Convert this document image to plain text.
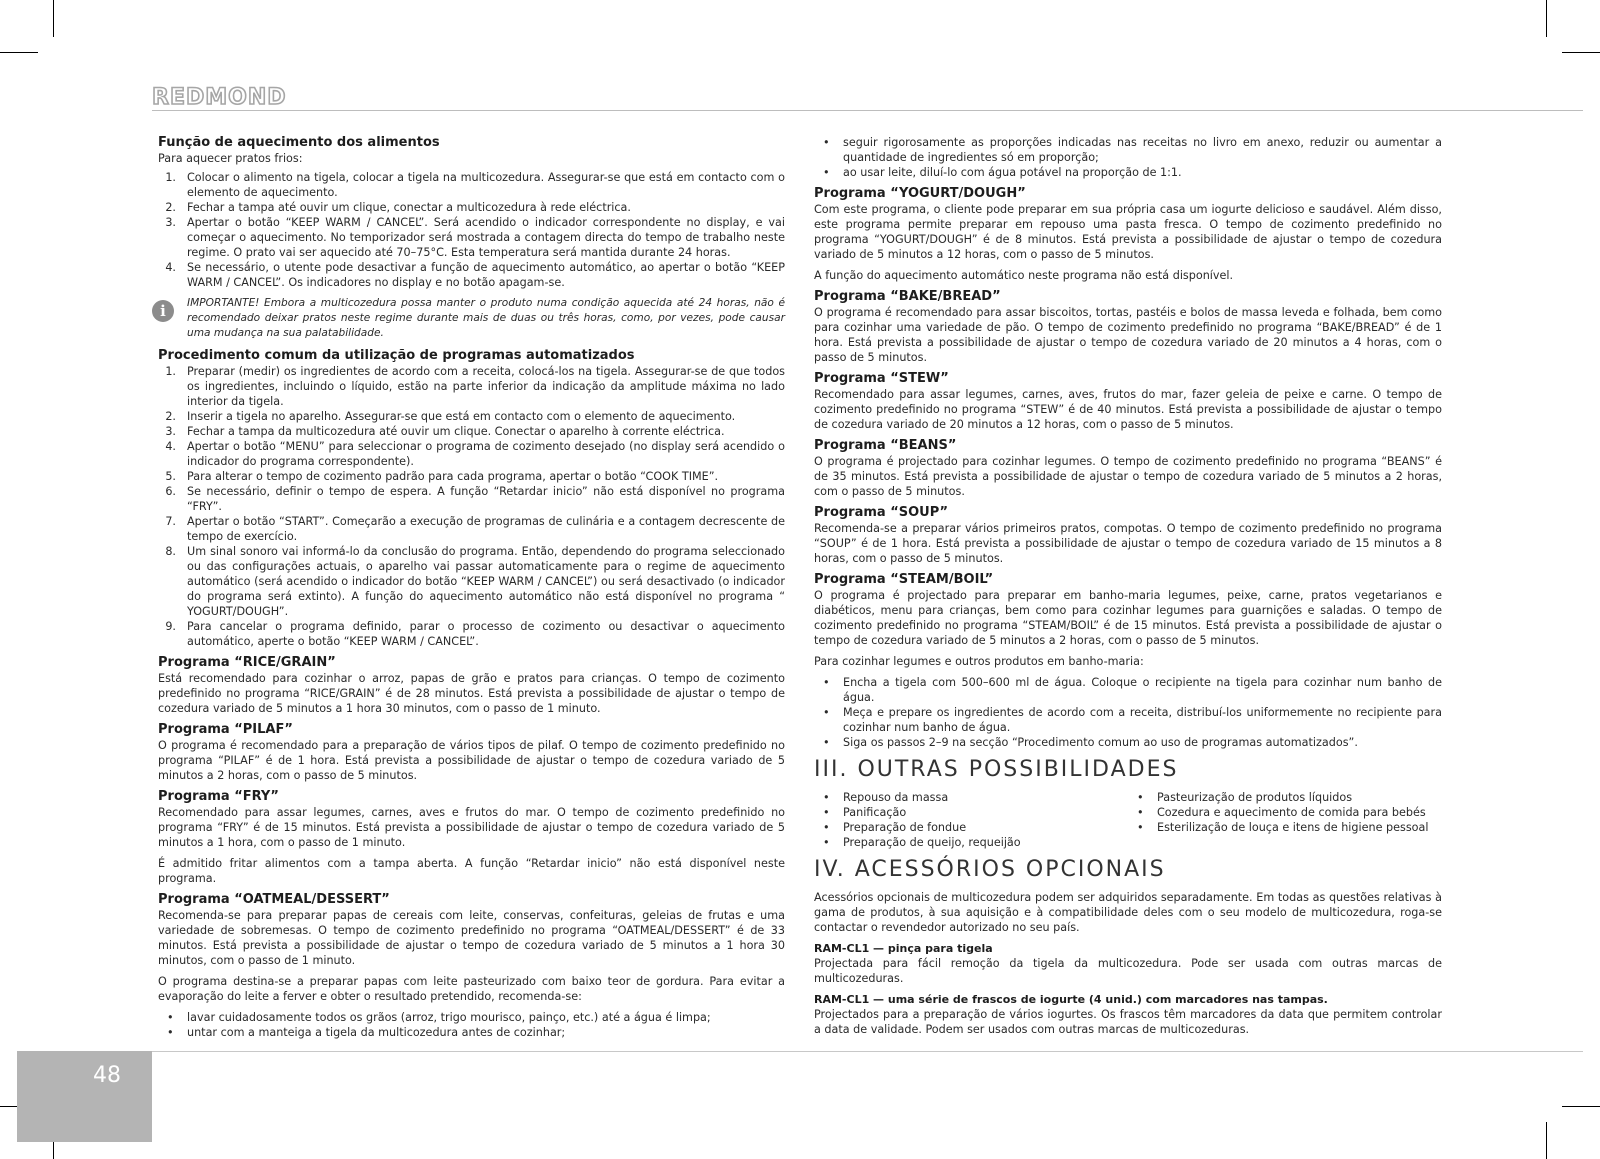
REDMOND
Função de aquecimento dos alimentos

Para aquecer pratos frios:

1. Colocar o alimento na tigela, colocar a tigela na multicozedura. Assegurar-se que está em contacto com o elemento de aquecimento.
2. Fechar a tampa até ouvir um clique, conectar a multicozedura à rede eléctrica.
3. Apertar o botão “KEEP WARM / CANCEL”. Será acendido o indicador correspondente no display, e vai começar o aquecimento. No temporizador será mostrada a contagem directa do tempo de trabalho neste regime. O prato vai ser aquecido até 70–75°C. Esta temperatura será mantida durante 24 horas.
4. Se necessário, o utente pode desactivar a função de aquecimento automático, ao apertar o botão “KEEP WARM / CANCEL”. Os indicadores no display e no botão apagam-se.
i	IMPORTANTE! Embora a multicozedura possa manter o produto numa condição aquecida até 24 horas, não é recomendado deixar pratos neste regime durante mais de duas ou três horas, como, por vezes, pode causar uma mudança na sua palatabilidade.
Procedimento comum da utilização de programas automatizados
1. Preparar (medir) os ingredientes de acordo com a receita, colocá-los na tigela. Assegurar-se de que todos os ingredientes, incluindo o líquido, estão na parte inferior da indicação da amplitude máxima no lado interior da tigela.
2. Inserir a tigela no aparelho. Assegurar-se que está em contacto com o elemento de aquecimento.
3. Fechar a tampa da multicozedura até ouvir um clique. Conectar o aparelho à corrente eléctrica.
4. Apertar o botão “MENU” para seleccionar o programa de cozimento desejado (no display será acendido o indicador do programa correspondente).
5. Para alterar o tempo de cozimento padrão para cada programa, apertar o botão “COOK TIME”.
6. Se necessário, definir o tempo de espera. A função “Retardar inicio” não está disponível no programa “FRY”.
7. Apertar o botão “START”. Começarão a execução de programas de culinária e a contagem decrescente de tempo de exercício.
8. Um sinal sonoro vai informá-lo da conclusão do programa. Então, dependendo do programa seleccionado ou das configurações actuais, o aparelho vai passar automaticamente para o regime de aquecimento automático (será acendido o indicador do botão “KEEP WARM / CANCEL”) ou será desactivado (o indicador do programa será extinto). A função do aquecimento automático não está disponível no programa “ YOGURT/DOUGH”.
9. Para cancelar o programa definido, parar o processo de cozimento ou desactivar o aquecimento automático, aperte o botão “KEEP WARM / CANCEL”.
Programa “RICE/GRAIN”

Está recomendado para cozinhar o arroz, papas de grão e pratos para crianças. O tempo de cozimento predefinido no programa “RICE/GRAIN” é de 28 minutos. Está prevista a possibilidade de ajustar o tempo de cozedura variado de 5 minutos a 1 hora 30 minutos, com o passo de 1 minuto.

Programa “PILAF”

O programa é recomendado para a preparação de vários tipos de pilaf. O tempo de cozimento predefinido no programa “PILAF” é de 1 hora. Está prevista a possibilidade de ajustar o tempo de cozedura variado de 5 minutos a 2 horas, com o passo de 5 minutos.

Programa “FRY”

Recomendado para assar legumes, carnes, aves e frutos do mar. O tempo de cozimento predefinido no programa “FRY” é de 15 minutos. Está prevista a possibilidade de ajustar o tempo de cozedura variado de 5 minutos a 1 hora, com o passo de 1 minuto.

É admitido fritar alimentos com a tampa aberta. A função “Retardar inicio” não está disponível neste programa.

Programa “OATMEAL/DESSERT”

Recomenda-se para preparar papas de cereais com leite, conservas, confeituras, geleias de frutas e uma variedade de sobremesas. O tempo de cozimento predefinido no programa “OATMEAL/DESSERT” é de 33 minutos. Está prevista a possibilidade de ajustar o tempo de cozedura variado de 5 minutos a 1 hora 30 minutos, com o passo de 1 minuto.

O programa destina-se a preparar papas com leite pasteurizado com baixo teor de gordura. Para evitar a evaporação do leite a ferver e obter o resultado pretendido, recomenda-se:

• lavar cuidadosamente todos os grãos (arroz, trigo mourisco, painço, etc.) até a água é limpa;
• untar com a manteiga a tigela da multicozedura antes de cozinhar;
• seguir rigorosamente as proporções indicadas nas receitas no livro em anexo, reduzir ou aumentar a quantidade de ingredientes só em proporção;
• ao usar leite, diluí-lo com água potável na proporção de 1:1.
Programa “YOGURT/DOUGH”

Com este programa, o cliente pode preparar em sua própria casa um iogurte delicioso e saudável. Além disso, este programa permite preparar em repouso uma pasta fresca. O tempo de cozimento predefinido no programa “YOGURT/DOUGH” é de 8 minutos. Está prevista a possibilidade de ajustar o tempo de cozedura variado de 5 minutos a 12 horas, com o passo de 5 minutos.

A função do aquecimento automático neste programa não está disponível.

Programa “BAKE/BREAD”

O programa é recomendado para assar biscoitos, tortas, pastéis e bolos de massa leveda e folhada, bem como para cozinhar uma variedade de pão. O tempo de cozimento predefinido no programa “BAKE/BREAD” é de 1 hora. Está prevista a possibilidade de ajustar o tempo de cozedura variado de 20 minutos a 4 horas, com o passo de 5 minutos.

Programa “STEW”

Recomendado para assar legumes, carnes, aves, frutos do mar, fazer geleia de peixe e carne. O tempo de cozimento predefinido no programa “STEW” é de 40 minutos. Está prevista a possibilidade de ajustar o tempo de cozedura variado de 20 minutos a 12 horas, com o passo de 5 minutos.

Programa “BEANS”

O programa é projectado para cozinhar legumes. O tempo de cozimento predefinido no programa “BEANS” é de 35 minutos. Está prevista a possibilidade de ajustar o tempo de cozedura variado de 5 minutos a 2 horas, com o passo de 5 minutos.

Programa “SOUP”

Recomenda-se a preparar vários primeiros pratos, compotas. O tempo de cozimento predefinido no programa “SOUP” é de 1 hora. Está prevista a possibilidade de ajustar o tempo de cozedura variado de 15 minutos a 8 horas, com o passo de 5 minutos.

Programa “STEAM/BOIL”

O programa é projectado para preparar em banho-maria legumes, peixe, carne, pratos vegetarianos e diabéticos, menu para crianças, bem como para cozinhar legumes para guarnições e saladas. O tempo de cozimento predefinido no programa “STEAM/BOIL” é de 15 minutos. Está prevista a possibilidade de ajustar o tempo de cozedura variado de 5 minutos a 2 horas, com o passo de 5 minutos.

Para cozinhar legumes e outros produtos em banho-maria:

• Encha a tigela com 500–600 ml de água. Coloque o recipiente na tigela para cozinhar num banho de água.
• Meça e prepare os ingredientes de acordo com a receita, distribuí-los uniformemente no recipiente para cozinhar num banho de água.
• Siga os passos 2–9 na secção “Procedimento comum ao uso de programas automatizados”.
III. OUTRAS POSSIBILIDADES
• Repouso da massa
• Panificação
• Preparação de fondue
• Preparação de queijo, requeijão
• Pasteurização de produtos líquidos
• Cozedura e aquecimento de comida para bebés
• Esterilização de louça e itens de higiene pessoal
IV. ACESSÓRIOS OPCIONAIS

Acessórios opcionais de multicozedura podem ser adquiridos separadamente. Em todas as questões relativas à gama de produtos, à sua aquisição e à compatibilidade deles com o seu modelo de multicozedura, roga-se contactar o revendedor autorizado no seu país.

RAM-CL1 — pinça para tigela

Projectada para fácil remoção da tigela da multicozedura. Pode ser usada com outras marcas de multicozeduras.

RAM-CL1 — uma série de frascos de iogurte (4 unid.) com marcadores nas tampas.

Projectados para a preparação de vários iogurtes. Os frascos têm marcadores da data que permitem controlar a data de validade. Podem ser usados com outras marcas de multicozeduras.

48
